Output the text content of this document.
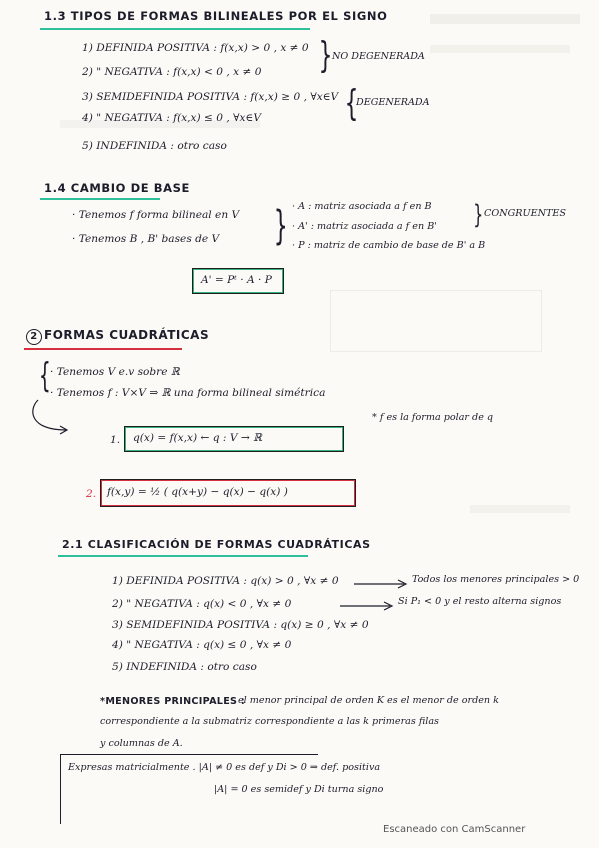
1.3 TIPOS DE FORMAS BILINEALES POR EL SIGNO
1) DEFINIDA POSITIVA : f(x,x) > 0 , x ≠ 0
2) " NEGATIVA : f(x,x) < 0 , x ≠ 0 } NO DEGENERADA
3) SEMIDEFINIDA POSITIVA : f(x,x) ≥ 0 , ∀x∈V
4) " NEGATIVA : f(x,x) ≤ 0 , ∀x∈V {
DEGENERADA
5) INDEFINIDA : otro caso
1.4 CAMBIO DE BASE
· Tenemos f forma bilineal en V
· Tenemos B , B' bases de V } · A : matriz asociada a f en B
· A' : matriz asociada a f en B'
· P : matriz de cambio de base de B' a B
} CONGRUENTES
A' = Pᵗ · A · P
2 FORMAS CUADRÁTICAS
{ · Tenemos V e.v sobre ℝ
· Tenemos f : V×V ⇒ ℝ una forma bilineal simétrica
* f es la forma polar de q
1. q(x) = f(x,x) ← q : V → ℝ
2. f(x,y) = ½ ( q(x+y) − q(x) − q(x) )
2.1 CLASIFICACIÓN DE FORMAS CUADRÁTICAS
1) DEFINIDA POSITIVA : q(x) > 0 , ∀x ≠ 0
2) " NEGATIVA : q(x) < 0 , ∀x ≠ 0
3) SEMIDEFINIDA POSITIVA : q(x) ≥ 0 , ∀x ≠ 0
4) " NEGATIVA : q(x) ≤ 0 , ∀x ≠ 0
5) INDEFINIDA : otro caso
Todos los menores principales > 0
Si P₁ < 0 y el resto alterna signos
*MENORES PRINCIPALES :
el menor principal de orden K es el menor de orden k
correspondiente a la submatriz correspondiente a las k primeras filas
y columnas de A.
Expresas matricialmente . |A| ≠ 0 es def y Di > 0 ⇒ def. positiva
|A| = 0 es semidef y Di turna signo
Escaneado con CamScanner
